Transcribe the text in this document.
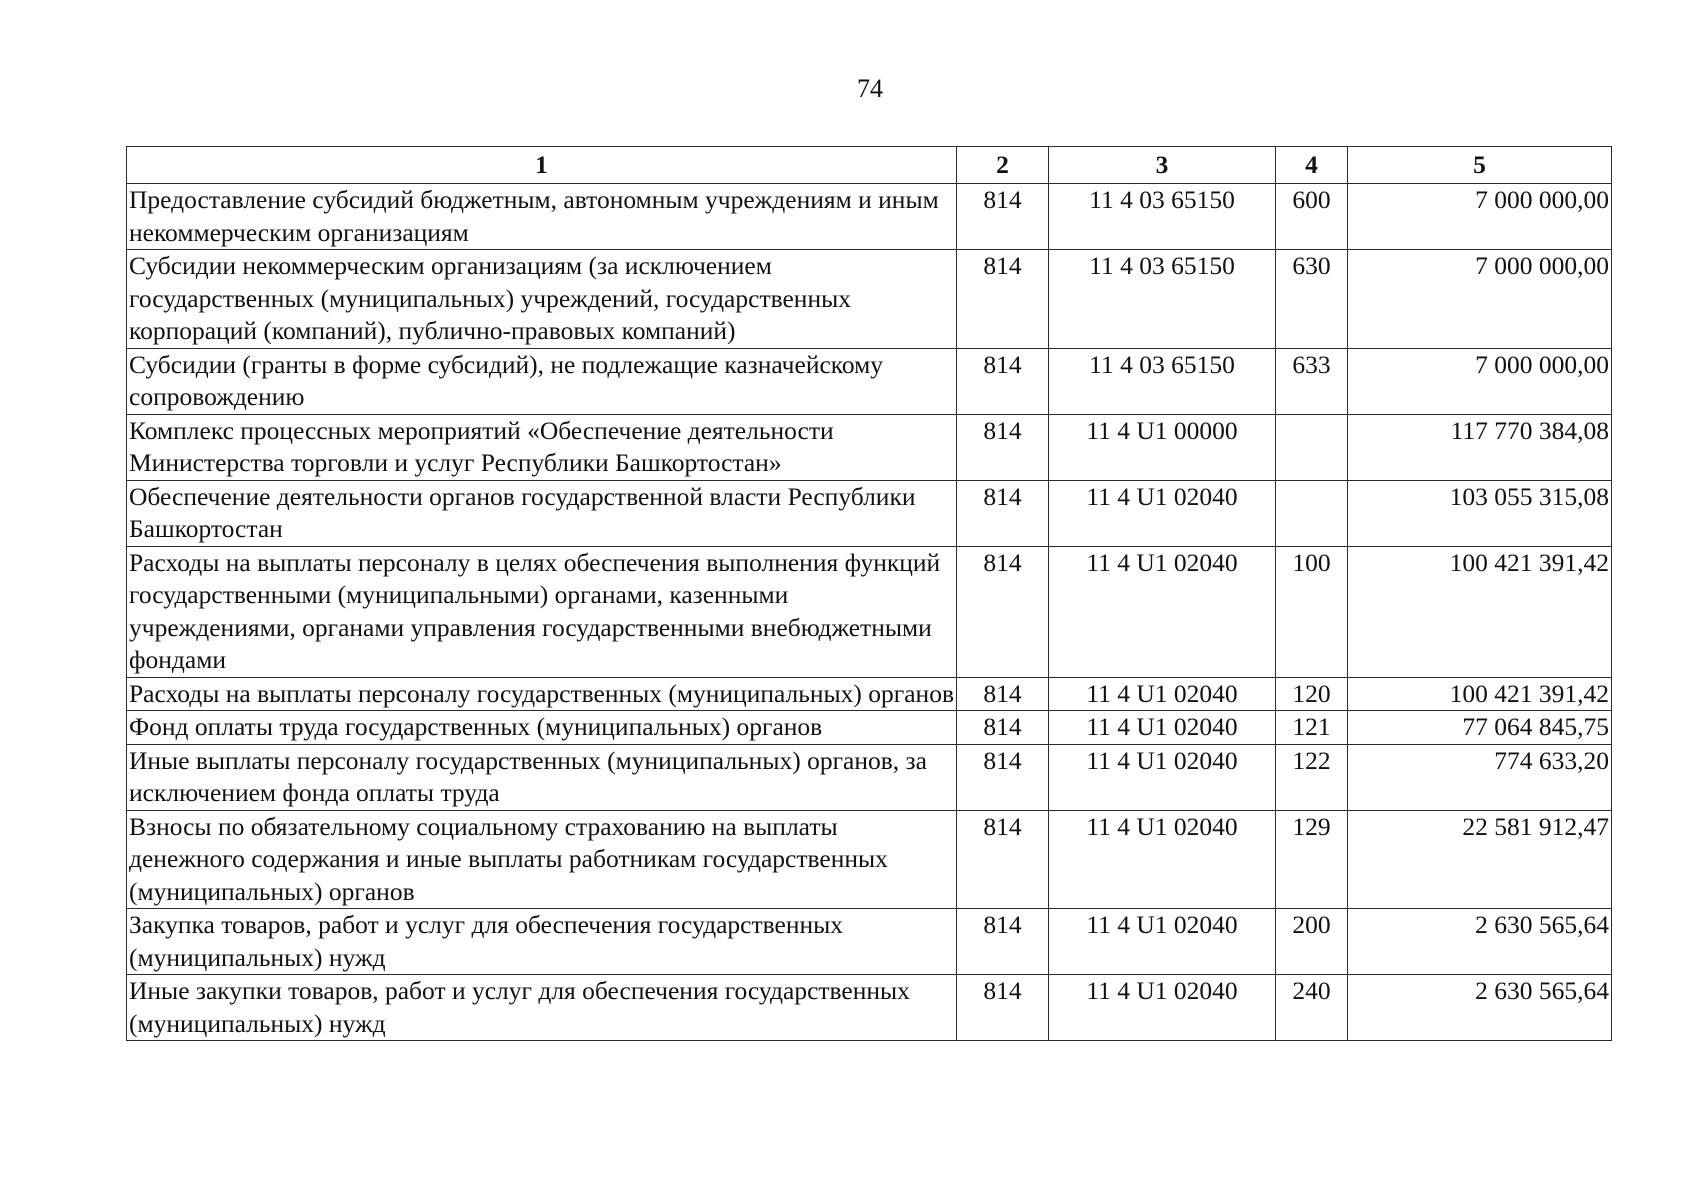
74
1	2	3	4	5
Предоставление субсидий бюджетным, автономным учреждениям и иным некоммерческим организациям	814	11 4 03 65150	600	7 000 000,00
Субсидии некоммерческим организациям (за исключением государственных (муниципальных) учреждений, государственных корпораций (компаний), публично-правовых компаний)	814	11 4 03 65150	630	7 000 000,00
Субсидии (гранты в форме субсидий), не подлежащие казначейскому сопровождению	814	11 4 03 65150	633	7 000 000,00
Комплекс процессных мероприятий «Обеспечение деятельности Министерства торговли и услуг Республики Башкортостан»	814	11 4 U1 00000		117 770 384,08
Обеспечение деятельности органов государственной власти Республики Башкортостан	814	11 4 U1 02040		103 055 315,08
Расходы на выплаты персоналу в целях обеспечения выполнения функций государственными (муниципальными) органами, казенными учреждениями, органами управления государственными внебюджетными фондами	814	11 4 U1 02040	100	100 421 391,42
Расходы на выплаты персоналу государственных (муниципальных) органов	814	11 4 U1 02040	120	100 421 391,42
Фонд оплаты труда государственных (муниципальных) органов	814	11 4 U1 02040	121	77 064 845,75
Иные выплаты персоналу государственных (муниципальных) органов, за исключением фонда оплаты труда	814	11 4 U1 02040	122	774 633,20
Взносы по обязательному социальному страхованию на выплаты денежного содержания и иные выплаты работникам государственных (муниципальных) органов	814	11 4 U1 02040	129	22 581 912,47
Закупка товаров, работ и услуг для обеспечения государственных (муниципальных) нужд	814	11 4 U1 02040	200	2 630 565,64
Иные закупки товаров, работ и услуг для обеспечения государственных (муниципальных) нужд	814	11 4 U1 02040	240	2 630 565,64
